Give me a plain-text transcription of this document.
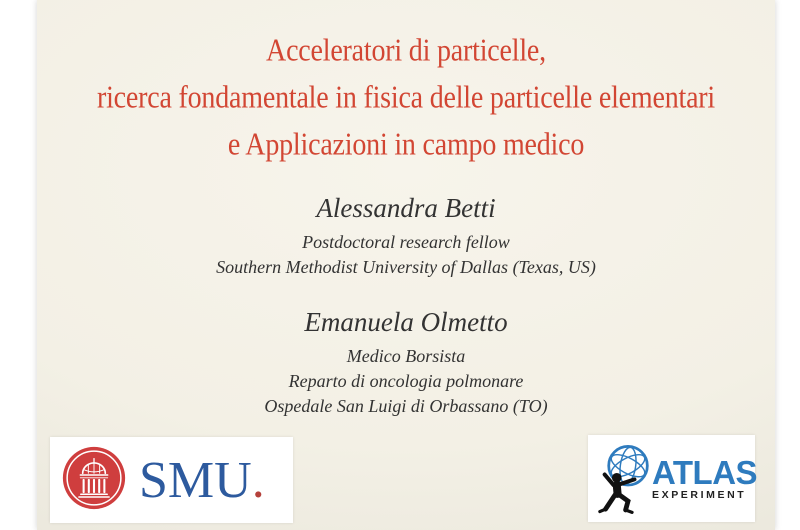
Acceleratori di particelle,
ricerca fondamentale in fisica delle particelle elementari
e Applicazioni in campo medico
Alessandra Betti
Postdoctoral research fellow
Southern Methodist University of Dallas (Texas, US)
Emanuela Olmetto
Medico Borsista
Reparto di oncologia polmonare
Ospedale San Luigi di Orbassano (TO)
SMU.	ATLAS
EXPERIMENT
